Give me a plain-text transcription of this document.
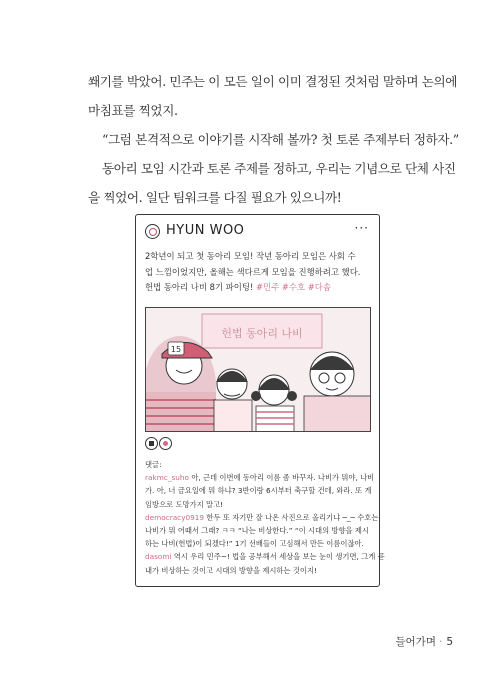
쐐기를 박았어. 민주는 이 모든 일이 이미 결정된 것처럼 말하며 논의에
마침표를 찍었지.
“그럼 본격적으로 이야기를 시작해 볼까? 첫 토론 주제부터 정하자.”
동아리 모임 시간과 토론 주제를 정하고, 우리는 기념으로 단체 사진
을 찍었어. 일단 팀워크를 다질 필요가 있으니까!
HYUN WOO	···
2학년이 되고 첫 동아리 모임! 작년 동아리 모임은 사회 수
업 느낌이었지만, 올해는 색다르게 모임을 진행하려고 했다.
헌법 동아리 나비 8기 파이팅! #민주 #수호 #다솜
헌법 동아리 나비
15
댓글:
rakmc_suho 아, 근데 이번에 동아리 이름 좀 바꾸자. 나비가 뭐야, 나비
가. 아, 너 금요일에 뭐 하냐? 3반이랑 6시부터 축구할 건데, 와라. 또 게
임방으로 도망가지 말고!
democracy0919 한두 또 자기만 잘 나온 사진으로 올리기냐 ─_─ 수호는
나비가 뭐 어때서 그래? ㅋㅋ “나는 비상한다.” “이 시대의 방향을 제시
하는 나비(헌법)이 되겠다!” 1기 선배들이 고심해서 만든 이름이잖아.
dasomi 역시 우리 민주~! 법을 공부해서 세상을 보는 눈이 생기면, 그게 곧
내가 비상하는 것이고 시대의 방향을 제시하는 것이지!
들어가며 · 5
